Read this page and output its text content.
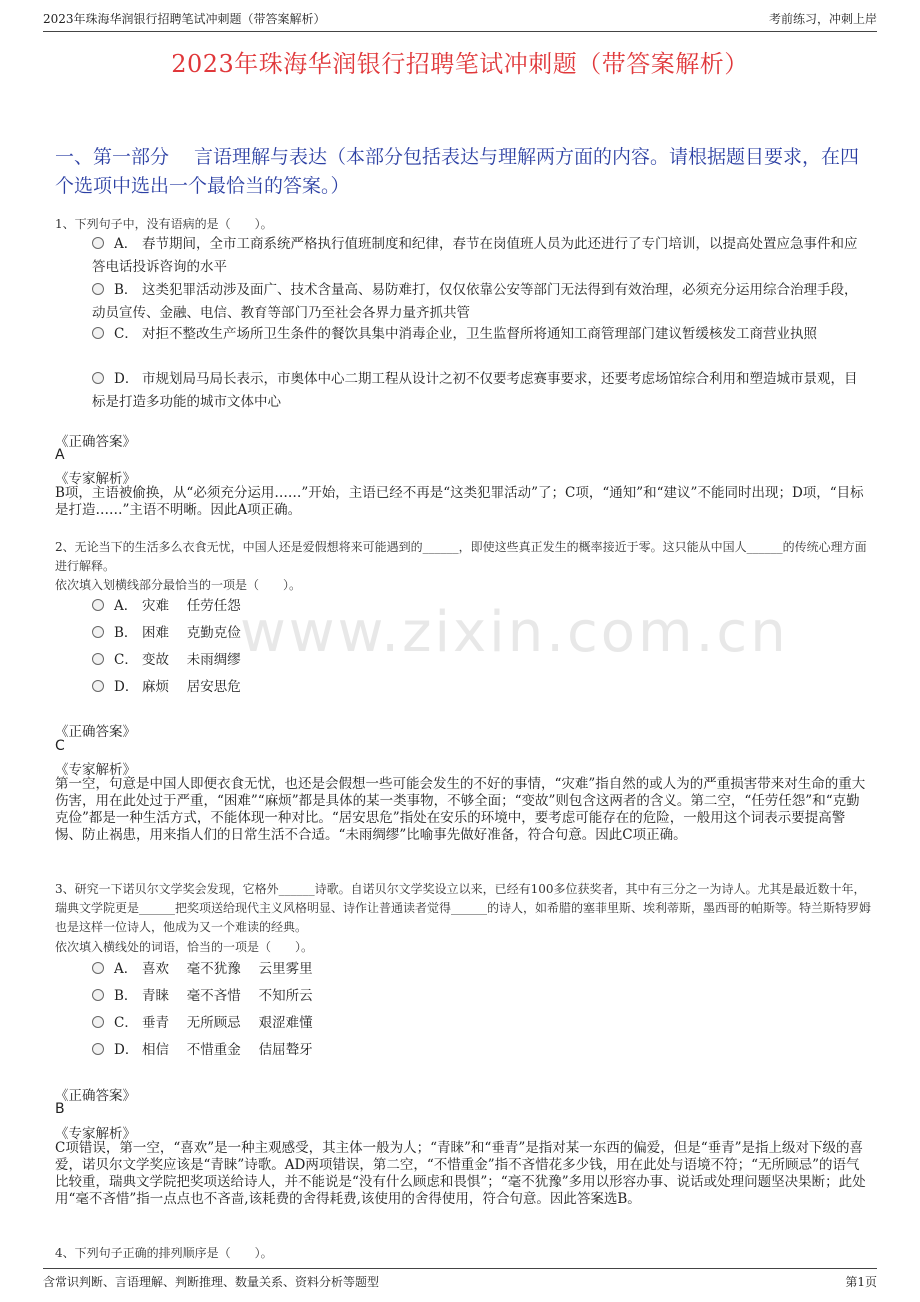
2023年珠海华润银行招聘笔试冲刺题（带答案解析）	考前练习，冲刺上岸
2023年珠海华润银行招聘笔试冲刺题（带答案解析）
www.zixin.com.cn
一、第一部分　 言语理解与表达（本部分包括表达与理解两方面的内容。请根据题目要求，在四个选项中选出一个最恰当的答案。）
1、下列句子中，没有语病的是（　　）。
A． 春节期间，全市工商系统严格执行值班制度和纪律，春节在岗值班人员为此还进行了专门培训，以提高处置应急事件和应答电话投诉咨询的水平
B． 这类犯罪活动涉及面广、技术含量高、易防难打，仅仅依靠公安等部门无法得到有效治理，必须充分运用综合治理手段，动员宣传、金融、电信、教育等部门乃至社会各界力量齐抓共管
C． 对拒不整改生产场所卫生条件的餐饮具集中消毒企业，卫生监督所将通知工商管理部门建议暂缓核发工商营业执照
D． 市规划局马局长表示，市奥体中心二期工程从设计之初不仅要考虑赛事要求，还要考虑场馆综合利用和塑造城市景观，目标是打造多功能的城市文体中心
《正确答案》
A
《专家解析》
B项，主语被偷换，从“必须充分运用……”开始，主语已经不再是“这类犯罪活动”了；C项，“通知”和“建议”不能同时出现；D项，“目标是打造……”主语不明晰。因此A项正确。
2、无论当下的生活多么衣食无忧，中国人还是爱假想将来可能遇到的______，即使这些真正发生的概率接近于零。这只能从中国人______的传统心理方面进行解释。
依次填入划横线部分最恰当的一项是（　　）。
A． 灾难　 任劳任怨
B． 困难　 克勤克俭
C． 变故　 未雨绸缪
D． 麻烦　 居安思危
《正确答案》
C
《专家解析》
第一空，句意是中国人即便衣食无忧，也还是会假想一些可能会发生的不好的事情，“灾难”指自然的或人为的严重损害带来对生命的重大伤害，用在此处过于严重，“困难”“麻烦”都是具体的某一类事物，不够全面；“变故”则包含这两者的含义。第二空，“任劳任怨”和“克勤克俭”都是一种生活方式，不能体现一种对比。“居安思危”指处在安乐的环境中，要考虑可能存在的危险，一般用这个词表示要提高警惕、防止祸患，用来指人们的日常生活不合适。“未雨绸缪”比喻事先做好准备，符合句意。因此C项正确。
3、研究一下诺贝尔文学奖会发现，它格外______诗歌。自诺贝尔文学奖设立以来，已经有100多位获奖者，其中有三分之一为诗人。尤其是最近数十年，瑞典文学院更是______把奖项送给现代主义风格明显、诗作让普通读者觉得______的诗人，如希腊的塞菲里斯、埃利蒂斯，墨西哥的帕斯等。特兰斯特罗姆也是这样一位诗人，他成为又一个难读的经典。
依次填入横线处的词语，恰当的一项是（　　）。
A． 喜欢　 毫不犹豫　 云里雾里
B． 青睐　 毫不吝惜　 不知所云
C． 垂青　 无所顾忌　 艰涩难懂
D． 相信　 不惜重金　 佶屈聱牙
《正确答案》
B
《专家解析》
C项错误，第一空，“喜欢”是一种主观感受，其主体一般为人；“青睐”和“垂青”是指对某一东西的偏爱，但是“垂青”是指上级对下级的喜爱，诺贝尔文学奖应该是“青睐”诗歌。AD两项错误，第二空，“不惜重金”指不吝惜花多少钱，用在此处与语境不符；“无所顾忌”的语气比较重，瑞典文学院把奖项送给诗人，并不能说是“没有什么顾虑和畏惧”；“毫不犹豫”多用以形容办事、说话或处理问题坚决果断；此处用“毫不吝惜”指一点点也不吝啬,该耗费的舍得耗费,该使用的舍得使用，符合句意。因此答案选B。
4、下列句子正确的排列顺序是（　　）。
含常识判断、言语理解、判断推理、数量关系、资料分析等题型	第1页
